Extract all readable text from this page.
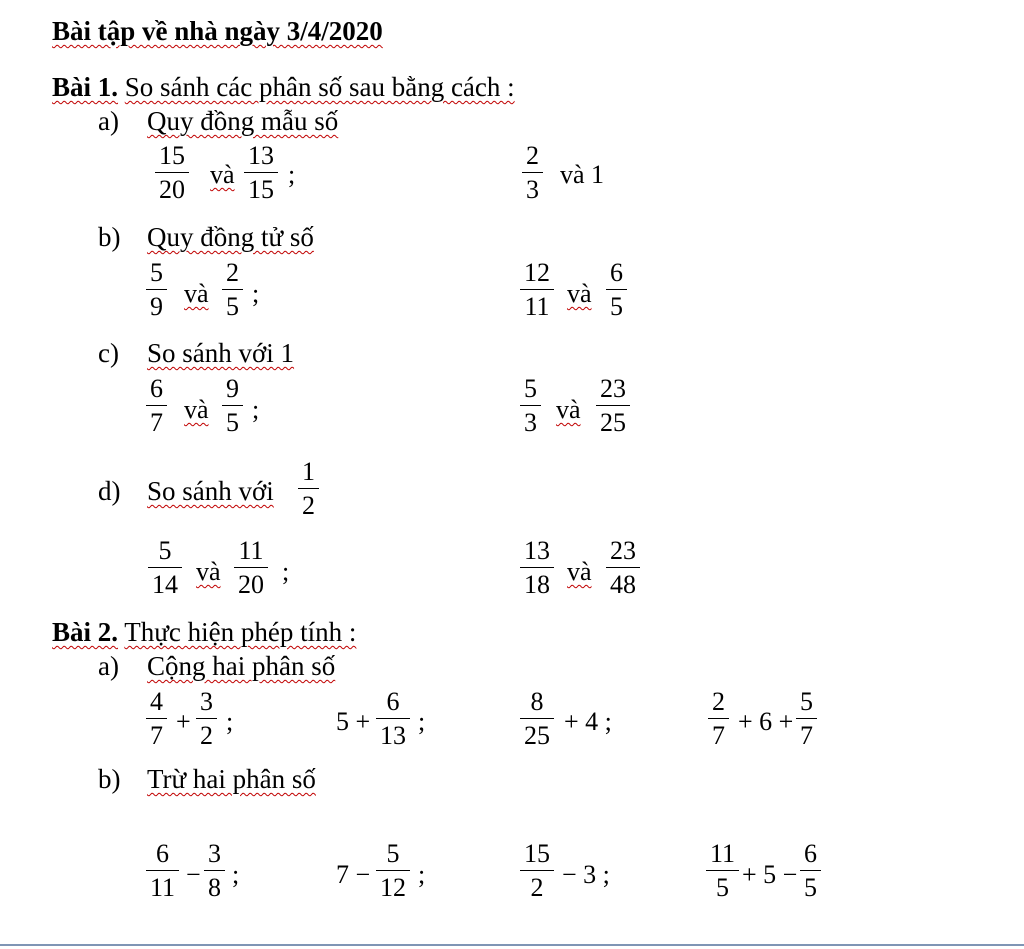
Bài tập về nhà ngày 3/4/2020
Bài 1. So sánh các phân số sau bằng cách :
a) Quy đồng mẫu số
15
20
và
13
15
;
2
3
và 1
b) Quy đồng tử số
5
9 và
2
5 ;
12
11 và
6
5
c) So sánh với 1
6
7 và
9
5 ;
5
3 và
23
25
d) So sánh với
1
2
5
14 và
11
20 ;
13
18 và
23
48
Bài 2. Thực hiện phép tính :
a) Cộng hai phân số
4
7 +
3
2 ;	5 +
6
13 ;
8
25 + 4 ;
2
7 + 6 +
5
7
b) Trừ hai phân số
6
11 −
3
8 ;	7 −
5
12 ;
15
2 − 3 ;
11
5 + 5 −
6
5
